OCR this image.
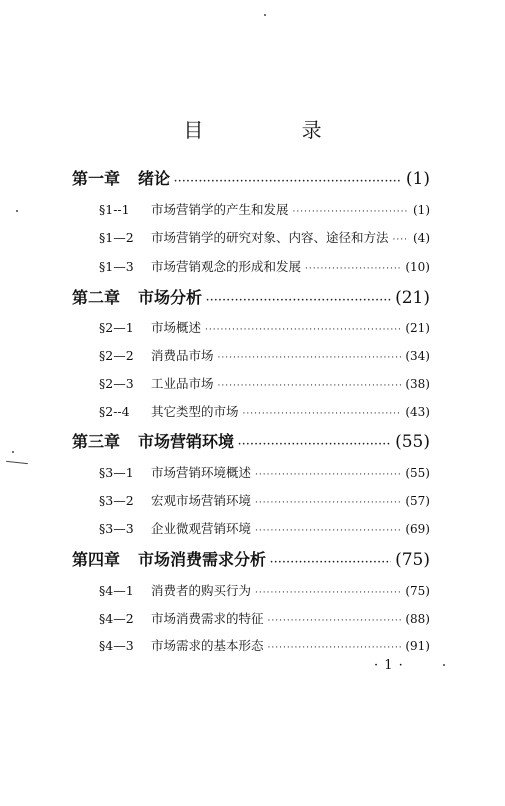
目 录
第一章	绪论 ·····	(1)
§1--1	市场营销学的产生和发展 ·····	(1)
§1—2	市场营销学的研究对象、内容、途径和方法 ····· (4)
§1—3	市场营销观念的形成和发展 ·····	(10)
第二章	市场分析 ·····	(21)
§2—1	市场概述 ·····	(21)
§2—2	消费品市场 ·····	(34)
§2—3	工业品市场 ·····	(38)
§2--4	其它类型的市场 ·····	(43)
第三章	市场营销环境 ·····	(55)
§3—1	市场营销环境概述 ·····	(55)
§3—2	宏观市场营销环境 ·····	(57)
§3—3	企业微观营销环境 ·····	(69)
第四章	市场消费需求分析 ·····	(75)
§4—1	消费者的购买行为 ·····	(75)
§4—2	市场消费需求的特征 ·····	(88)
§4—3	市场需求的基本形态 ·····	(91)
· 1 ·
